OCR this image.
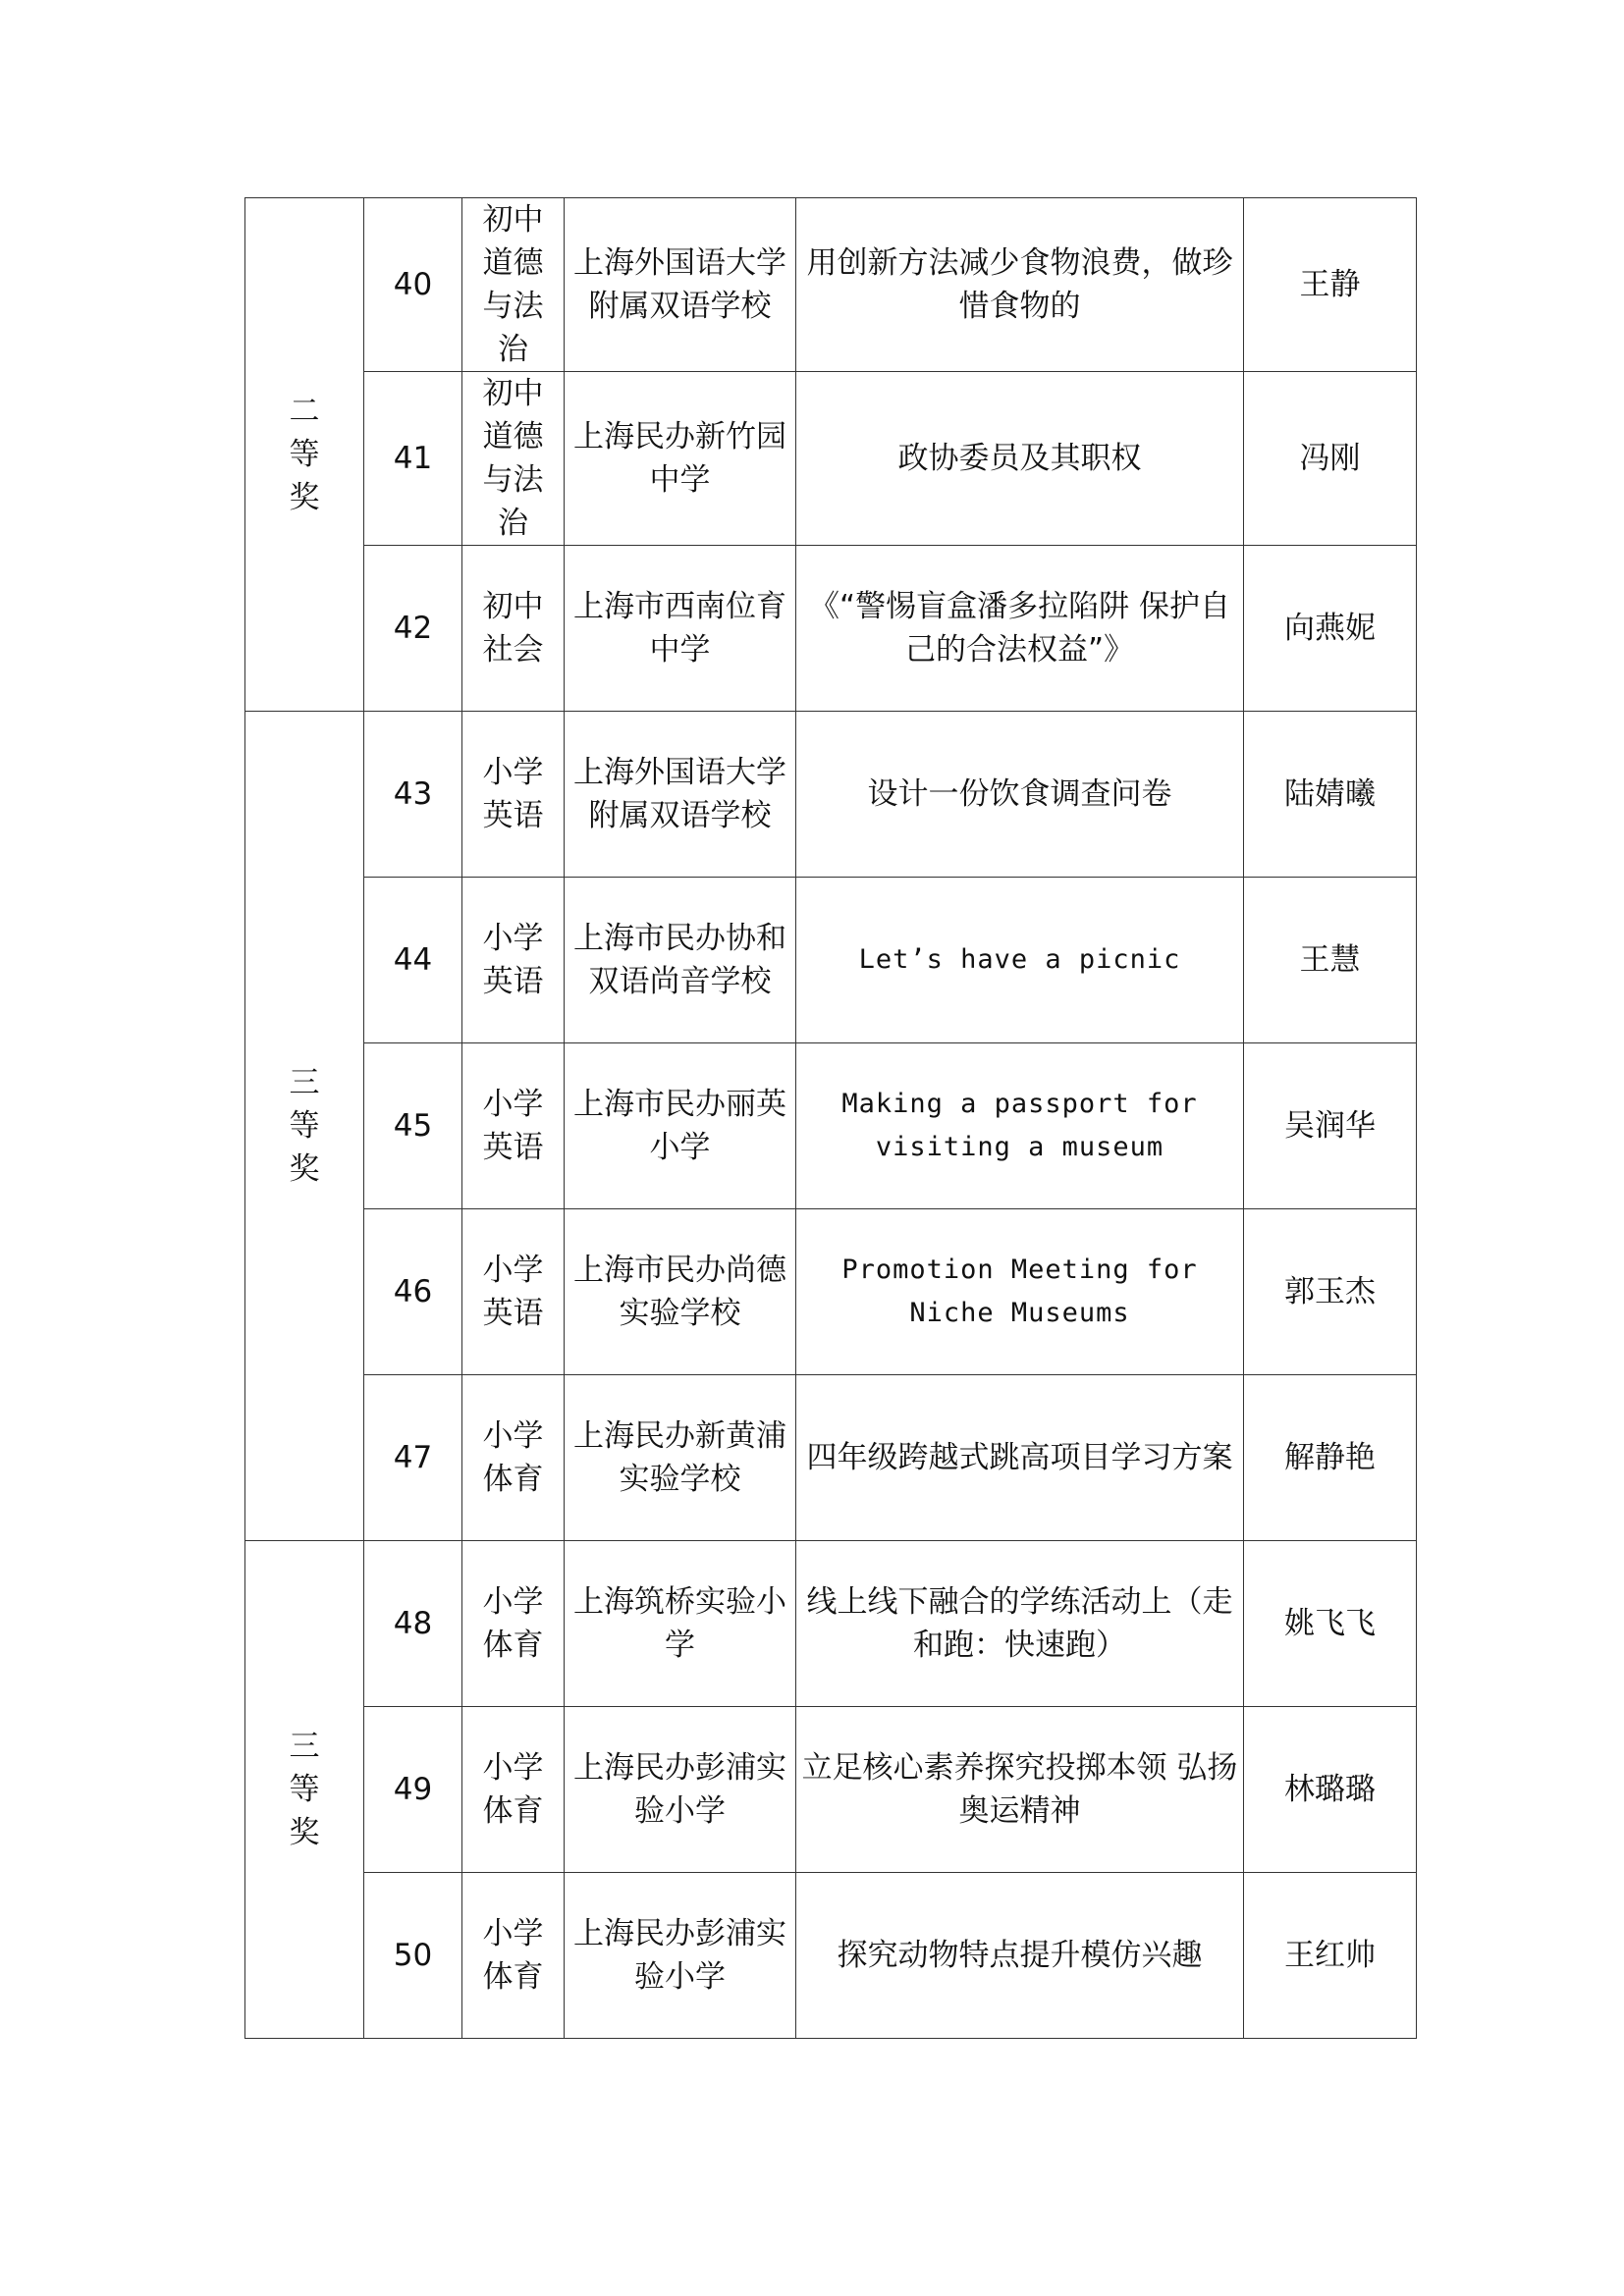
二等奖	40	初中道德与法治	上海外国语大学附属双语学校	用创新方法减少食物浪费，做珍惜食物的	王静
	41	初中道德与法治	上海民办新竹园中学	政协委员及其职权	冯刚
	42	初中社会	上海市西南位育中学	《“警惕盲盒潘多拉陷阱 保护自己的合法权益”》	向燕妮
三等奖	43	小学英语	上海外国语大学附属双语学校	设计一份饮食调查问卷	陆婧曦
	44	小学英语	上海市民办协和双语尚音学校	Let’s have a picnic	王慧
	45	小学英语	上海市民办丽英小学	Making a passport for visiting a museum	吴润华
	46	小学英语	上海市民办尚德实验学校	Promotion Meeting for Niche Museums	郭玉杰
	47	小学体育	上海民办新黄浦实验学校	四年级跨越式跳高项目学习方案	解静艳
三等奖	48	小学体育	上海筑桥实验小学	线上线下融合的学练活动上（走和跑：快速跑）	姚飞飞
	49	小学体育	上海民办彭浦实验小学	立足核心素养探究投掷本领 弘扬奥运精神	林璐璐
	50	小学体育	上海民办彭浦实验小学	探究动物特点提升模仿兴趣	王红帅
